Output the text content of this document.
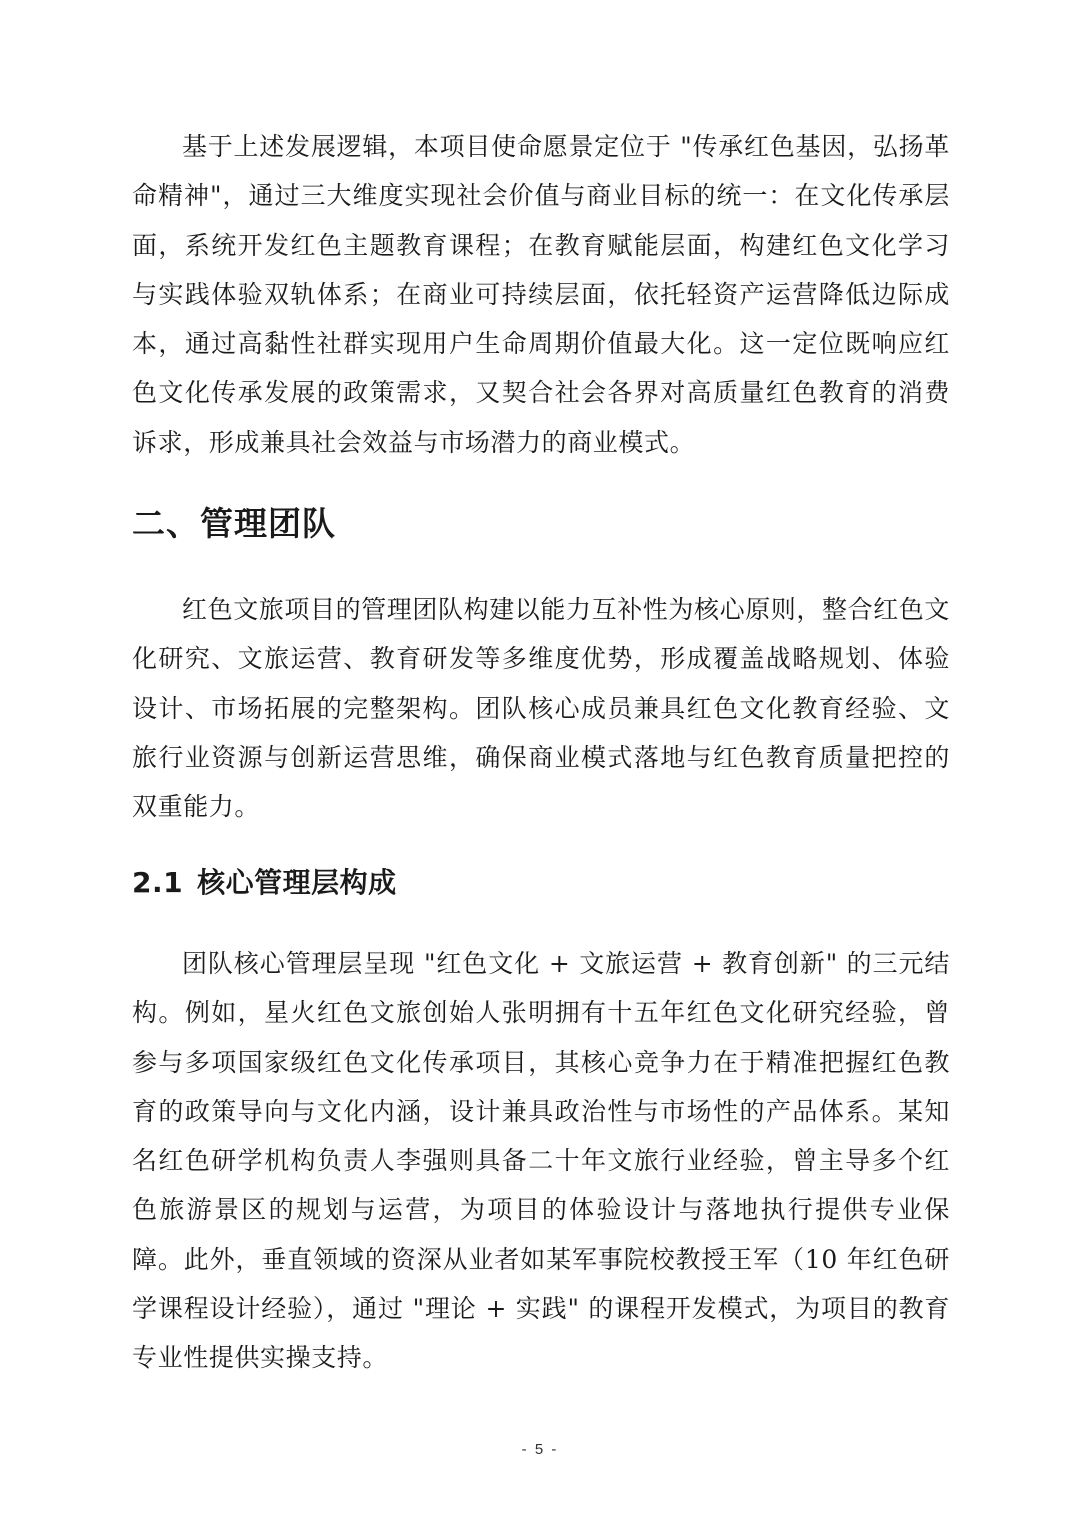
基于上述发展逻辑，本项目使命愿景定位于 "传承红色基因，弘扬革命精神"，通过三大维度实现社会价值与商业目标的统一：在文化传承层面，系统开发红色主题教育课程；在教育赋能层面，构建红色文化学习与实践体验双轨体系；在商业可持续层面，依托轻资产运营降低边际成本，通过高黏性社群实现用户生命周期价值最大化。这一定位既响应红色文化传承发展的政策需求，又契合社会各界对高质量红色教育的消费诉求，形成兼具社会效益与市场潜力的商业模式。

二、管理团队

红色文旅项目的管理团队构建以能力互补性为核心原则，整合红色文化研究、文旅运营、教育研发等多维度优势，形成覆盖战略规划、体验设计、市场拓展的完整架构。团队核心成员兼具红色文化教育经验、文旅行业资源与创新运营思维，确保商业模式落地与红色教育质量把控的双重能力。

2.1 核心管理层构成

团队核心管理层呈现 "红色文化 + 文旅运营 + 教育创新" 的三元结构。例如，星火红色文旅创始人张明拥有十五年红色文化研究经验，曾参与多项国家级红色文化传承项目，其核心竞争力在于精准把握红色教育的政策导向与文化内涵，设计兼具政治性与市场性的产品体系。某知名红色研学机构负责人李强则具备二十年文旅行业经验，曾主导多个红色旅游景区的规划与运营，为项目的体验设计与落地执行提供专业保障。此外，垂直领域的资深从业者如某军事院校教授王军（10 年红色研学课程设计经验），通过 "理论 + 实践" 的课程开发模式，为项目的教育专业性提供实操支持。

- 5 -
